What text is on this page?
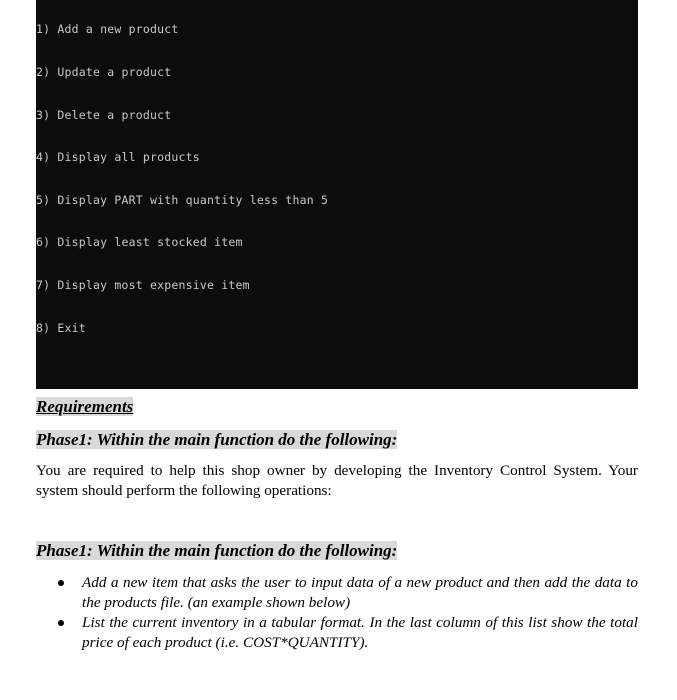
1) Add a new product

2) Update a product

3) Delete a product

4) Display all products

5) Display PART with quantity less than 5

6) Display least stocked item

7) Display most expensive item

8) Exit

Requirements
Phase1: Within the main function do the following:
You are required to help this shop owner by developing the Inventory Control System. Your system should perform the following operations:
Phase1: Within the main function do the following:
Add a new item that asks the user to input data of a new product and then add the data to the products file. (an example shown below)
List the current inventory in a tabular format. In the last column of this list show the total price of each product (i.e. COST*QUANTITY).
